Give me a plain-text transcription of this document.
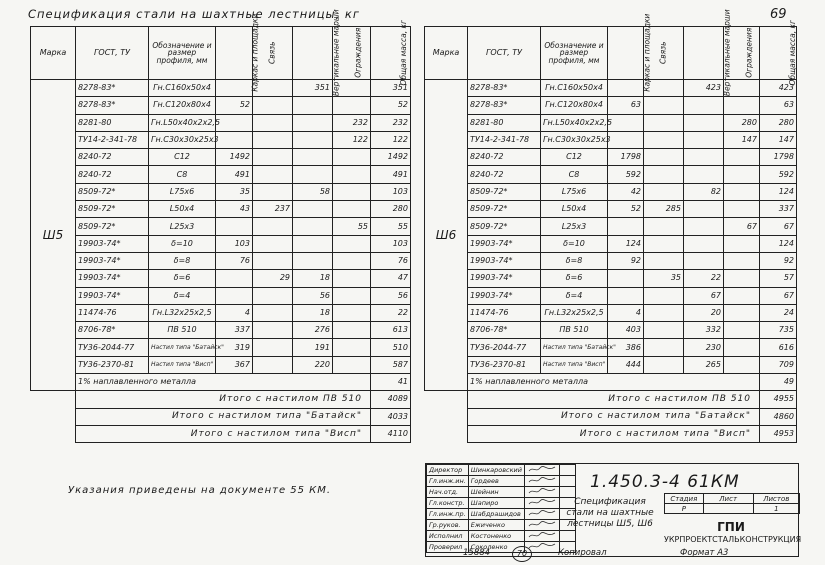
Спецификация стали на шахтные лестницы, кг	69
Марка	ГОСТ, ТУ	Обозначение и размер профиля, мм	Каркас и площадки	Связь	Вертикальные марши	Ограждения	Общая масса, кг
Ш5	8278-83*	Гн.С160х50х4			351		351
	8278-83*	Гн.С120х80х4	52				52
	8281-80	Гн.L50х40х2х2,5				232	232
	ТУ14-2-341-78	Гн.С30х30х25х3				122	122
	8240-72	С12	1492				1492
	8240-72	С8	491				491
	8509-72*	L75х6	35		58		103
	8509-72*	L50х4	43	237			280
	8509-72*	L25х3				55	55
	19903-74*	δ=10	103				103
	19903-74*	δ=8	76				76
	19903-74*	δ=6		29	18		47
	19903-74*	δ=4			56		56
	11474-76	Гн.L32х25х2,5	4		18		22
	8706-78*	ПВ 510	337		276		613
	ТУ36-2044-77	Настил типа "Батайск"	319		191		510
	ТУ36-2370-81	Настил типа "Висп"	367		220		587
	1% наплавленного металла						41
	Итого с настилом ПВ 510						4089
	Итого с настилом типа "Батайск"						4033
	Итого с настилом типа "Висп"						4110
Марка	ГОСТ, ТУ	Обозначение и размер профиля, мм	Каркас и площадки	Связь	Вертикальные марши	Ограждения	Общая масса, кг
Ш6	8278-83*	Гн.С160х50х4			423		423
	8278-83*	Гн.С120х80х4	63				63
	8281-80	Гн.L50х40х2х2,5				280	280
	ТУ14-2-341-78	Гн.С30х30х25х3				147	147
	8240-72	С12	1798				1798
	8240-72	С8	592				592
	8509-72*	L75х6	42		82		124
	8509-72*	L50х4	52	285			337
	8509-72*	L25х3				67	67
	19903-74*	δ=10	124				124
	19903-74*	δ=8	92				92
	19903-74*	δ=6		35	22		57
	19903-74*	δ=4			67		67
	11474-76	Гн.L32х25х2,5	4		20		24
	8706-78*	ПВ 510	403		332		735
	ТУ36-2044-77	Настил типа "Батайск"	386		230		616
	ТУ36-2370-81	Настил типа "Висп"	444		265		709
	1% наплавленного металла						49
	Итого с настилом ПВ 510						4955
	Итого с настилом типа "Батайск"						4860
	Итого с настилом типа "Висп"						4953
Указания приведены на документе 55 КМ.
Директор	Шинкаровский		
Гл.инж.ин.	Гордеев		
Нач.отд.	Шейнин		
Гл.констр.	Шапиро		
Гл.инж.пр.	Шабдрашидов		
Гр.руков.	Ежиченко		
Исполнил	Костоненко		
Проверил	Соколенко		
1.450.3-4 61КМ
Спецификация стали на шахтные лестницы Ш5, Ш6
Стадия	Лист	Листов
Р		1
ГПИ
УКРПРОЕКТСТАЛЬКОНСТРУКЦИЯ
15884	70	Копировал	Формат А3
